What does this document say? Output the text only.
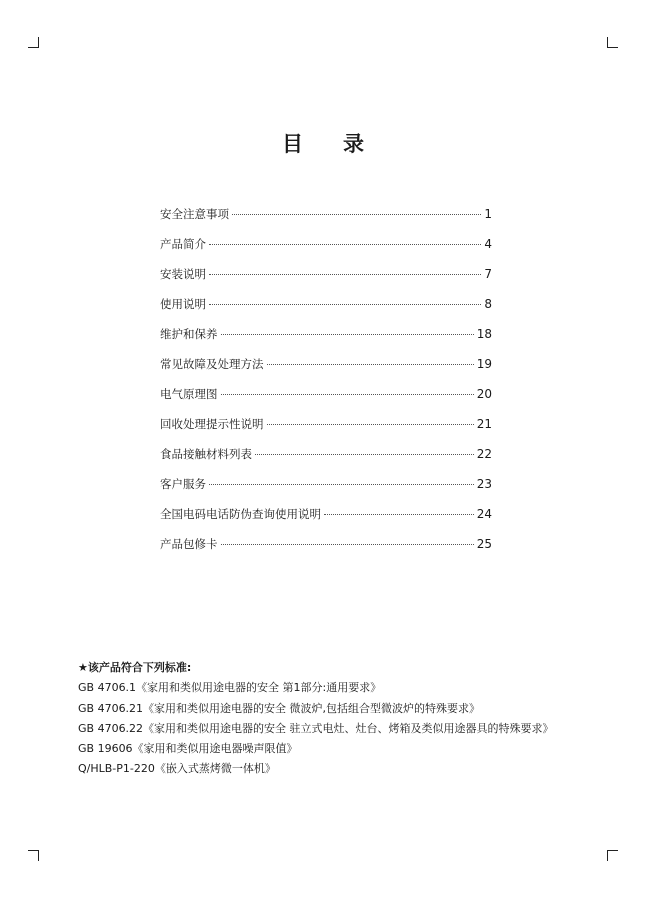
目 录
安全注意事项	1
产品简介	4
安装说明	7
使用说明	8
维护和保养	18
常见故障及处理方法	19
电气原理图	20
回收处理提示性说明	21
食品接触材料列表	22
客户服务	23
全国电码电话防伪查询使用说明	24
产品包修卡	25
★该产品符合下列标准:
GB 4706.1《家用和类似用途电器的安全 第1部分:通用要求》
GB 4706.21《家用和类似用途电器的安全 微波炉,包括组合型微波炉的特殊要求》
GB 4706.22《家用和类似用途电器的安全 驻立式电灶、灶台、烤箱及类似用途器具的特殊要求》
GB 19606《家用和类似用途电器噪声限值》
Q/HLB-P1-220《嵌入式蒸烤微一体机》
